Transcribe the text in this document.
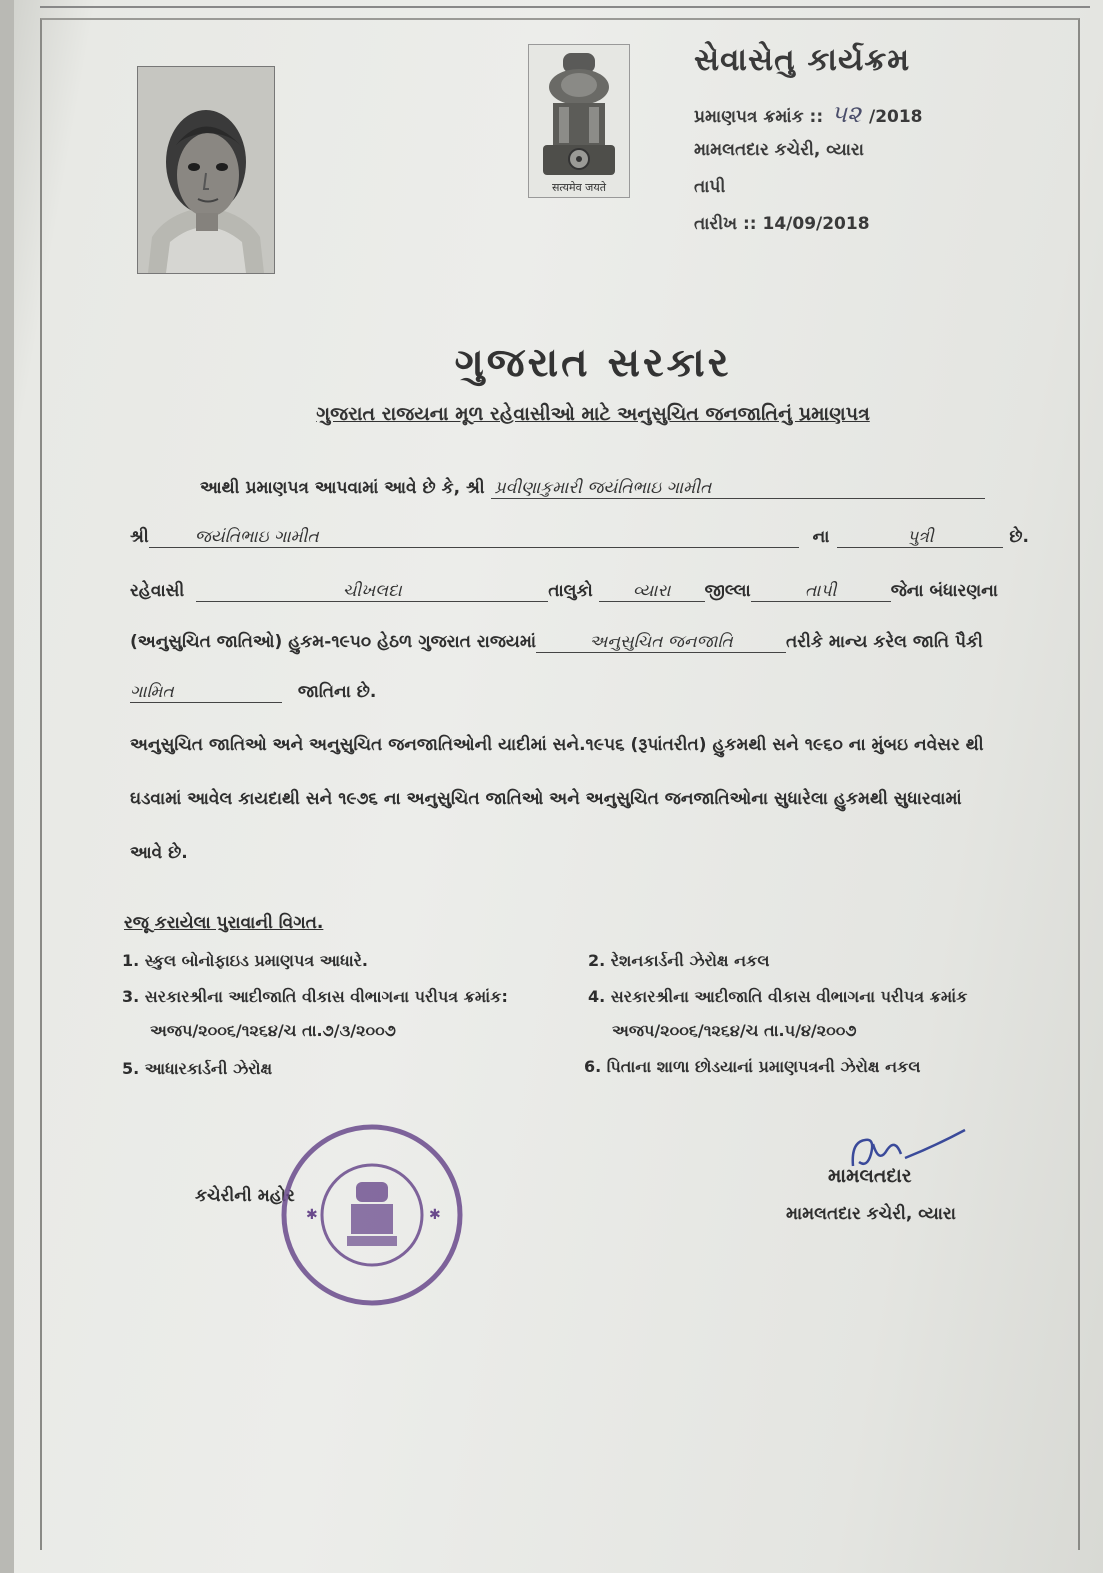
सत्यमेव जयते
સેવાસેતુ કાર્યક્રમ
પ્રમાણપત્ર ક્રમાંક :: ૫૨ /2018
મામલતદાર કચેરી, વ્યારા
તાપી
તારીખ :: 14/09/2018
ગુજરાત સરકાર
ગુજરાત રાજયના મૂળ રહેવાસીઓ માટે અનુસુચિત જનજાતિનું પ્રમાણપત્ર
આથી પ્રમાણપત્ર આપવામાં આવે છે કે, શ્રી પ્રવીણાકુમારી જયંતિભાઇ ગામીત
શ્રી	જયંતિભાઇ ગામીત	ના	પુત્રી	છે.
રહેવાસી	ચીખલદા	તાલુકો વ્યારા જીલ્લા	તાપી	જેના બંધારણના
(અનુસુચિત જાતિઓ) હુકમ-૧૯૫૦ હેઠળ ગુજરાત રાજયમાં	અનુસુચિત જનજાતિ	તરીકે માન્ય કરેલ જાતિ પૈકી
ગામિત	જાતિના છે.
અનુસુચિત જાતિઓ અને અનુસુચિત જનજાતિઓની યાદીમાં સને.૧૯૫૬ (રૂપાંતરીત) હુકમથી સને ૧૯૬૦ ના મુંબઇ નવેસર થી
ઘડવામાં આવેલ કાયદાથી સને ૧૯૭૬ ના અનુસુચિત જાતિઓ અને અનુસુચિત જનજાતિઓના સુધારેલા હુકમથી સુધારવામાં
આવે છે.
રજૂ કરાયેલા પુરાવાની વિગત.
1. સ્કુલ બોનોફાઇડ પ્રમાણપત્ર આધારે.	2. રેશનકાર્ડની ઝેરોક્ષ નકલ
3. સરકારશ્રીના આદીજાતિ વીકાસ વીભાગના પરીપત્ર ક્રમાંક:	4. સરકારશ્રીના આદીજાતિ વીકાસ વીભાગના પરીપત્ર ક્રમાંક
અજપ/૨૦૦૬/૧૨૬૪/ચ તા.૭/૩/૨૦૦૭	અજપ/૨૦૦૬/૧૨૬૪/ચ તા.૫/૪/૨૦૦૭
5. આધારકાર્ડની ઝેરોક્ષ	6. પિતાના શાળા છોડયાનાં પ્રમાણપત્રની ઝેરોક્ષ નકલ
કચેરીની મહોર
✱	✱
મામલતદાર
મામલતદાર કચેરી, વ્યારા
